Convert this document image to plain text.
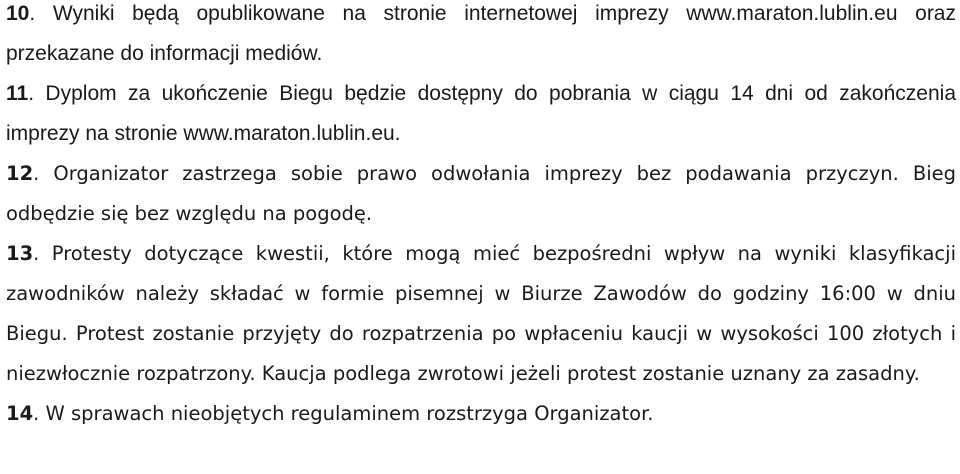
10. Wyniki będą opublikowane na stronie internetowej imprezy www.maraton.lublin.eu oraz przekazane do informacji mediów.

11. Dyplom za ukończenie Biegu będzie dostępny do pobrania w ciągu 14 dni od zakończenia imprezy na stronie www.maraton.lublin.eu.

12. Organizator zastrzega sobie prawo odwołania imprezy bez podawania przyczyn. Bieg odbędzie się bez względu na pogodę.

13. Protesty dotyczące kwestii, które mogą mieć bezpośredni wpływ na wyniki klasyfikacji zawodników należy składać w formie pisemnej w Biurze Zawodów do godziny 16:00 w dniu Biegu. Protest zostanie przyjęty do rozpatrzenia po wpłaceniu kaucji w wysokości 100 złotych i niezwłocznie rozpatrzony. Kaucja podlega zwrotowi jeżeli protest zostanie uznany za zasadny.

14. W sprawach nieobjętych regulaminem rozstrzyga Organizator.
